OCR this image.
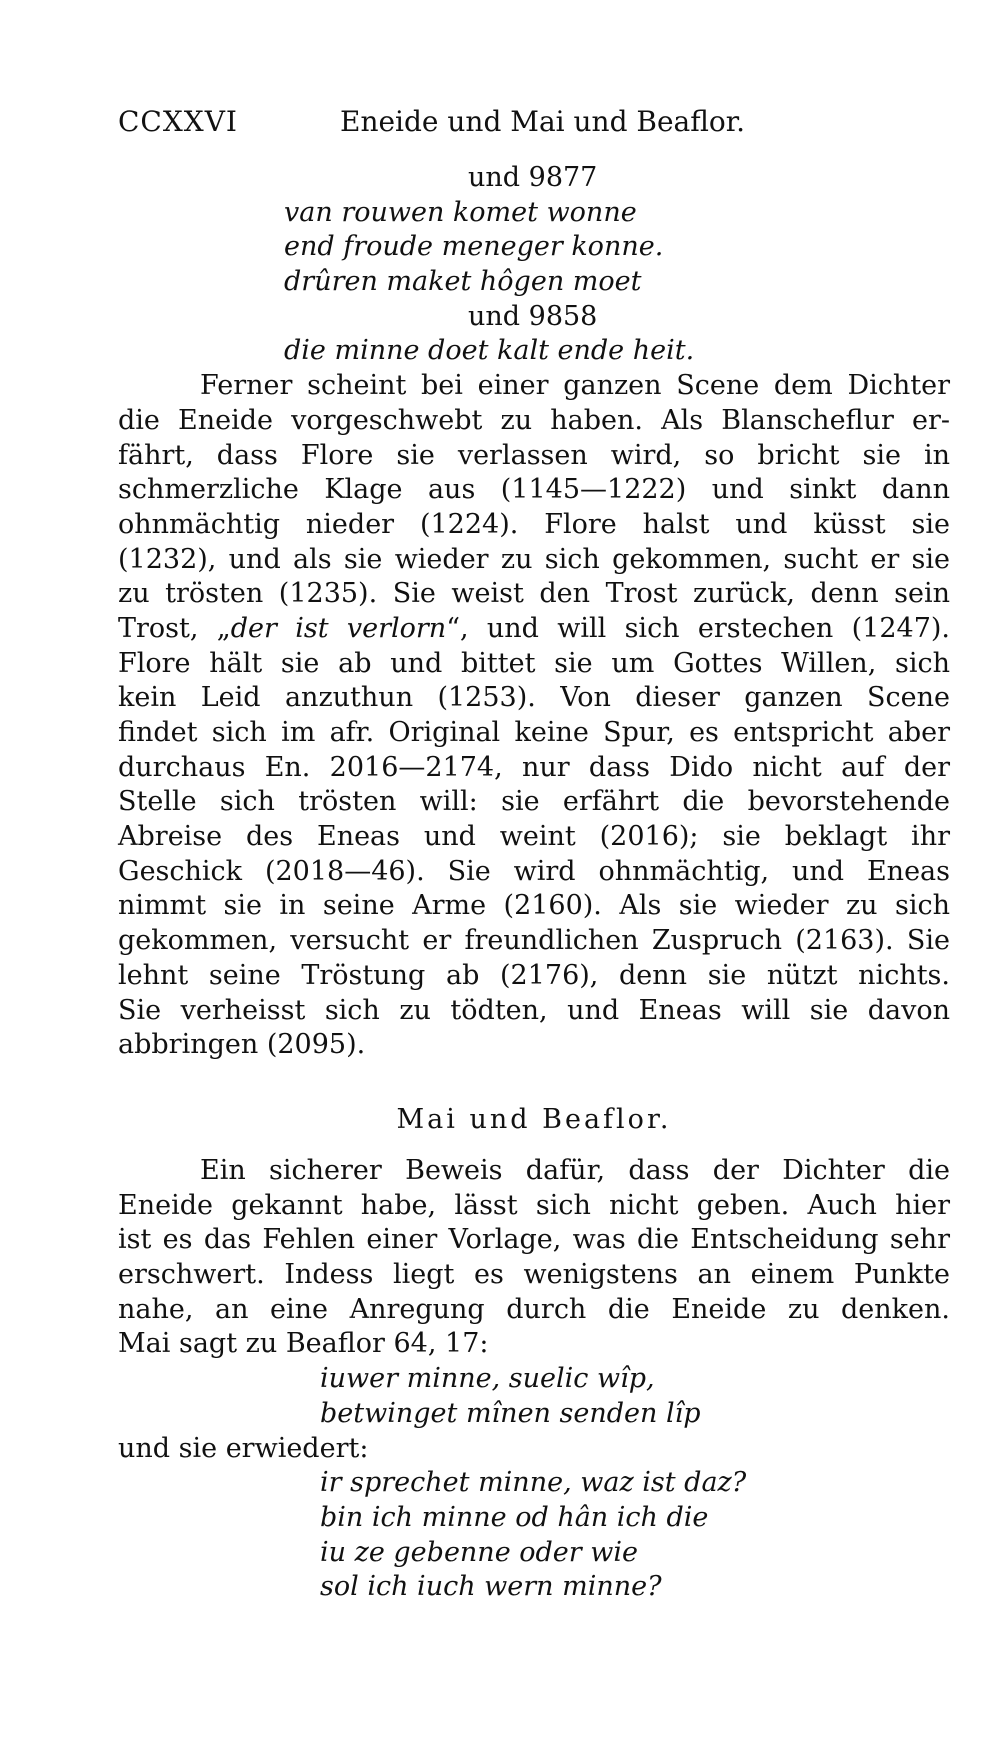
CCXXVI	Eneide und Mai und Beaflor.
und 9877
van rouwen komet wonne
end froude meneger konne.
drûren maket hôgen moet
und 9858
die minne doet kalt ende heit.
Ferner scheint bei einer ganzen Scene dem Dichter
die Eneide vorgeschwebt zu haben. Als Blanscheflur er-
fährt, dass Flore sie verlassen wird, so bricht sie in
schmerzliche Klage aus (1145—1222) und sinkt dann
ohnmächtig nieder (1224). Flore halst und küsst sie
(1232), und als sie wieder zu sich gekommen, sucht er sie
zu trösten (1235). Sie weist den Trost zurück, denn sein
Trost, „der ist verlorn“, und will sich erstechen (1247).
Flore hält sie ab und bittet sie um Gottes Willen, sich
kein Leid anzuthun (1253). Von dieser ganzen Scene
findet sich im afr. Original keine Spur, es entspricht aber
durchaus En. 2016—2174, nur dass Dido nicht auf der
Stelle sich trösten will: sie erfährt die bevorstehende
Abreise des Eneas und weint (2016); sie beklagt ihr
Geschick (2018—46). Sie wird ohnmächtig, und Eneas
nimmt sie in seine Arme (2160). Als sie wieder zu sich
gekommen, versucht er freundlichen Zuspruch (2163). Sie
lehnt seine Tröstung ab (2176), denn sie nützt nichts.
Sie verheisst sich zu tödten, und Eneas will sie davon
abbringen (2095).
Mai und Beaflor.
Ein sicherer Beweis dafür, dass der Dichter die
Eneide gekannt habe, lässt sich nicht geben. Auch hier
ist es das Fehlen einer Vorlage, was die Entscheidung sehr
erschwert. Indess liegt es wenigstens an einem Punkte
nahe, an eine Anregung durch die Eneide zu denken.
Mai sagt zu Beaflor 64, 17:
iuwer minne, suelic wîp,
betwinget mînen senden lîp
und sie erwiedert:
ir sprechet minne, waz ist daz?
bin ich minne od hân ich die
iu ze gebenne oder wie
sol ich iuch wern minne?
